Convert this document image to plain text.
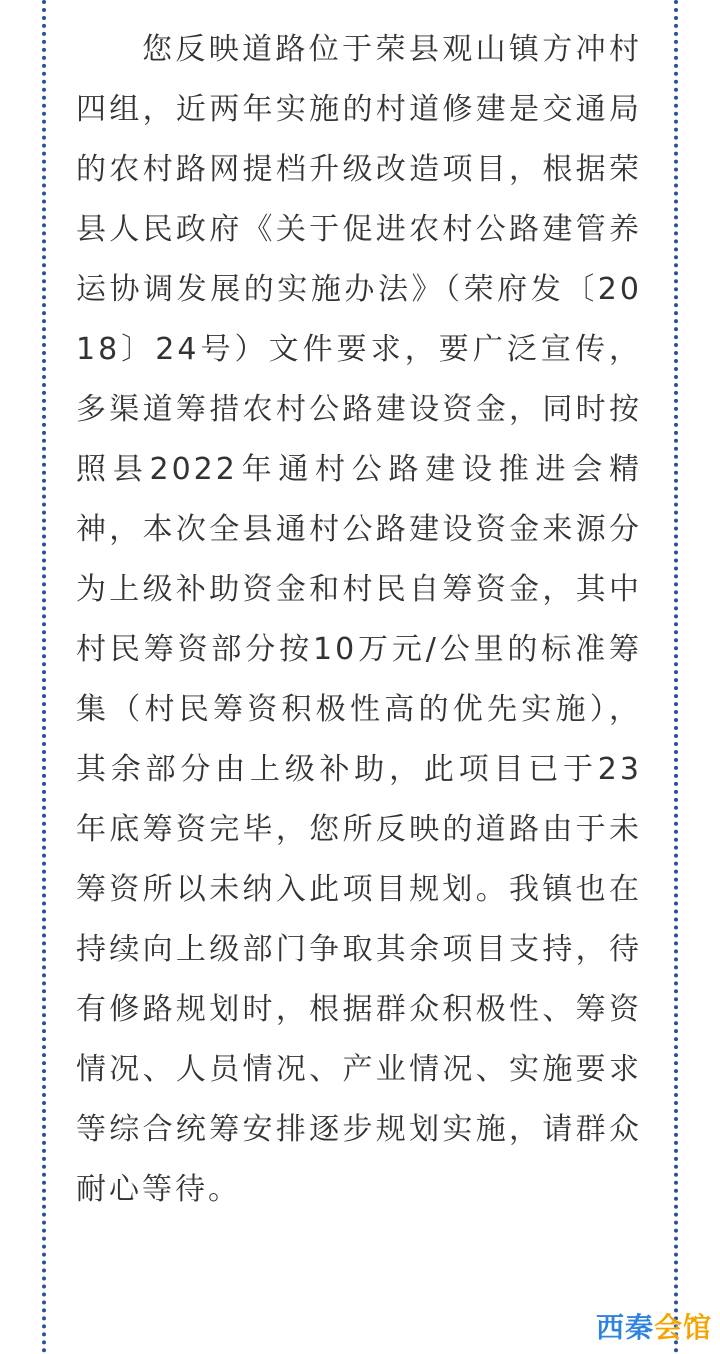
您反映道路位于荣县观山镇方冲村四组，近两年实施的村道修建是交通局的农村路网提档升级改造项目，根据荣县人民政府《关于促进农村公路建管养运协调发展的实施办法》（荣府发〔2018〕24号）文件要求，要广泛宣传，多渠道筹措农村公路建设资金，同时按照县2022年通村公路建设推进会精神，本次全县通村公路建设资金来源分为上级补助资金和村民自筹资金，其中村民筹资部分按10万元/公里的标准筹集（村民筹资积极性高的优先实施），其余部分由上级补助，此项目已于23年底筹资完毕，您所反映的道路由于未筹资所以未纳入此项目规划。我镇也在持续向上级部门争取其余项目支持，待有修路规划时，根据群众积极性、筹资情况、人员情况、产业情况、实施要求等综合统筹安排逐步规划实施，请群众耐心等待。

西秦会馆
